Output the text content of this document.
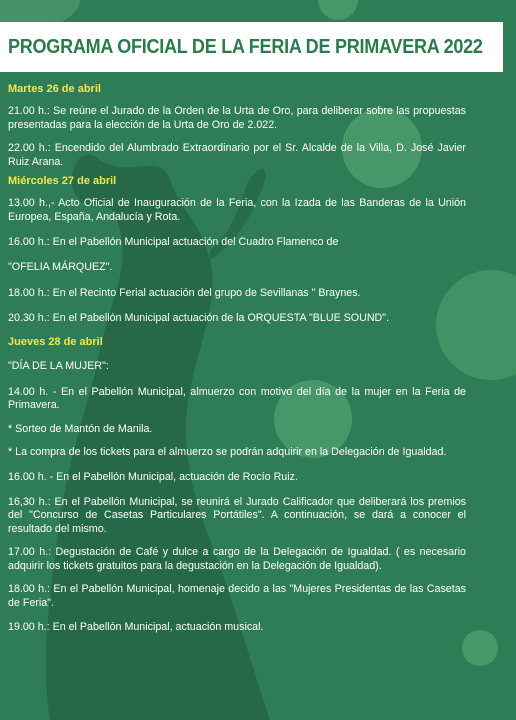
PROGRAMA OFICIAL DE LA FERIA DE PRIMAVERA 2022
Martes 26 de abril
21.00 h.: Se reúne el Jurado de la Orden de la Urta de Oro, para deliberar sobre las propuestas presentadas para la elección de la Urta de Oro de 2.022.
22.00 h.: Encendido del Alumbrado Extraordinario por el Sr. Alcalde de la Villa, D. José Javier Ruiz Arana.
Miércoles 27 de abril
13.00 h.,- Acto Oficial de Inauguración de la Feria, con la Izada de las Banderas de la Unión Europea, España, Andalucía y Rota.
16.00 h.: En el Pabellón Municipal actuación del Cuadro Flamenco de
"OFELIA MÁRQUEZ".
18.00 h.: En el Recinto Ferial actuación del grupo de Sevillanas " Braynes.
20.30 h.: En el Pabellón Municipal actuación de la ORQUESTA "BLUE SOUND".
Jueves 28 de abril
"DÍA DE LA MUJER":
14.00 h. - En el Pabellón Municipal, almuerzo con motivo del día de la mujer en la Feria de Primavera.
* Sorteo de Mantón de Manila.
* La compra de los tickets para el almuerzo se podrán adquirir en la Delegación de Igualdad.
16.00 h. - En el Pabellón Municipal, actuación de Rocío Ruiz.
16,30 h.: En el Pabellón Municipal, se reunirá el Jurado Calificador que deliberará los premios del "Concurso de Casetas Particulares Portátiles". A continuación, se dará a conocer el resultado del mismo.
17.00 h.: Degustación de Café y dulce a cargo de la Delegación de Igualdad. ( es necesario adquirir los tickets gratuitos para la degustación en la Delegación de Igualdad).
18.00 h.: En el Pabellón Municipal, homenaje decido a las "Mujeres Presidentas de las Casetas de Feria".
19.00 h.: En el Pabellón Municipal, actuación musical.
